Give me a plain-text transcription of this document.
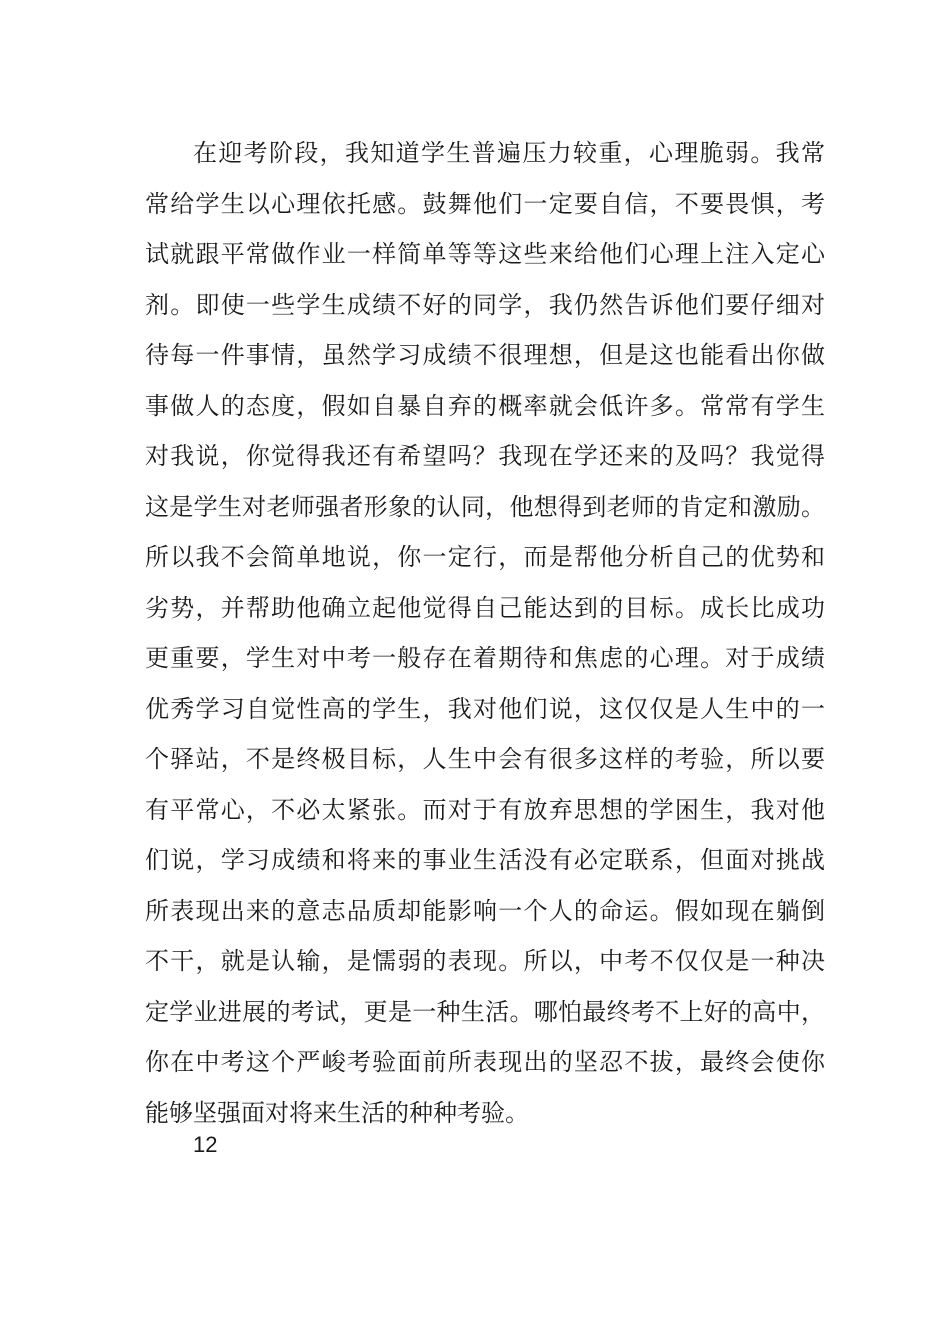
在迎考阶段，我知道学生普遍压力较重，心理脆弱。我常
常给学生以心理依托感。鼓舞他们一定要自信，不要畏惧，考
试就跟平常做作业一样简单等等这些来给他们心理上注入定心
剂。即使一些学生成绩不好的同学，我仍然告诉他们要仔细对
待每一件事情，虽然学习成绩不很理想，但是这也能看出你做
事做人的态度，假如自暴自弃的概率就会低许多。常常有学生
对我说，你觉得我还有希望吗？我现在学还来的及吗？我觉得
这是学生对老师强者形象的认同，他想得到老师的肯定和激励。
所以我不会简单地说，你一定行，而是帮他分析自己的优势和
劣势，并帮助他确立起他觉得自己能达到的目标。成长比成功
更重要，学生对中考一般存在着期待和焦虑的心理。对于成绩
优秀学习自觉性高的学生，我对他们说，这仅仅是人生中的一
个驿站，不是终极目标，人生中会有很多这样的考验，所以要
有平常心，不必太紧张。而对于有放弃思想的学困生，我对他
们说，学习成绩和将来的事业生活没有必定联系，但面对挑战
所表现出来的意志品质却能影响一个人的命运。假如现在躺倒
不干，就是认输，是懦弱的表现。所以，中考不仅仅是一种决
定学业进展的考试，更是一种生活。哪怕最终考不上好的高中，
你在中考这个严峻考验面前所表现出的坚忍不拔，最终会使你
能够坚强面对将来生活的种种考验。
12
